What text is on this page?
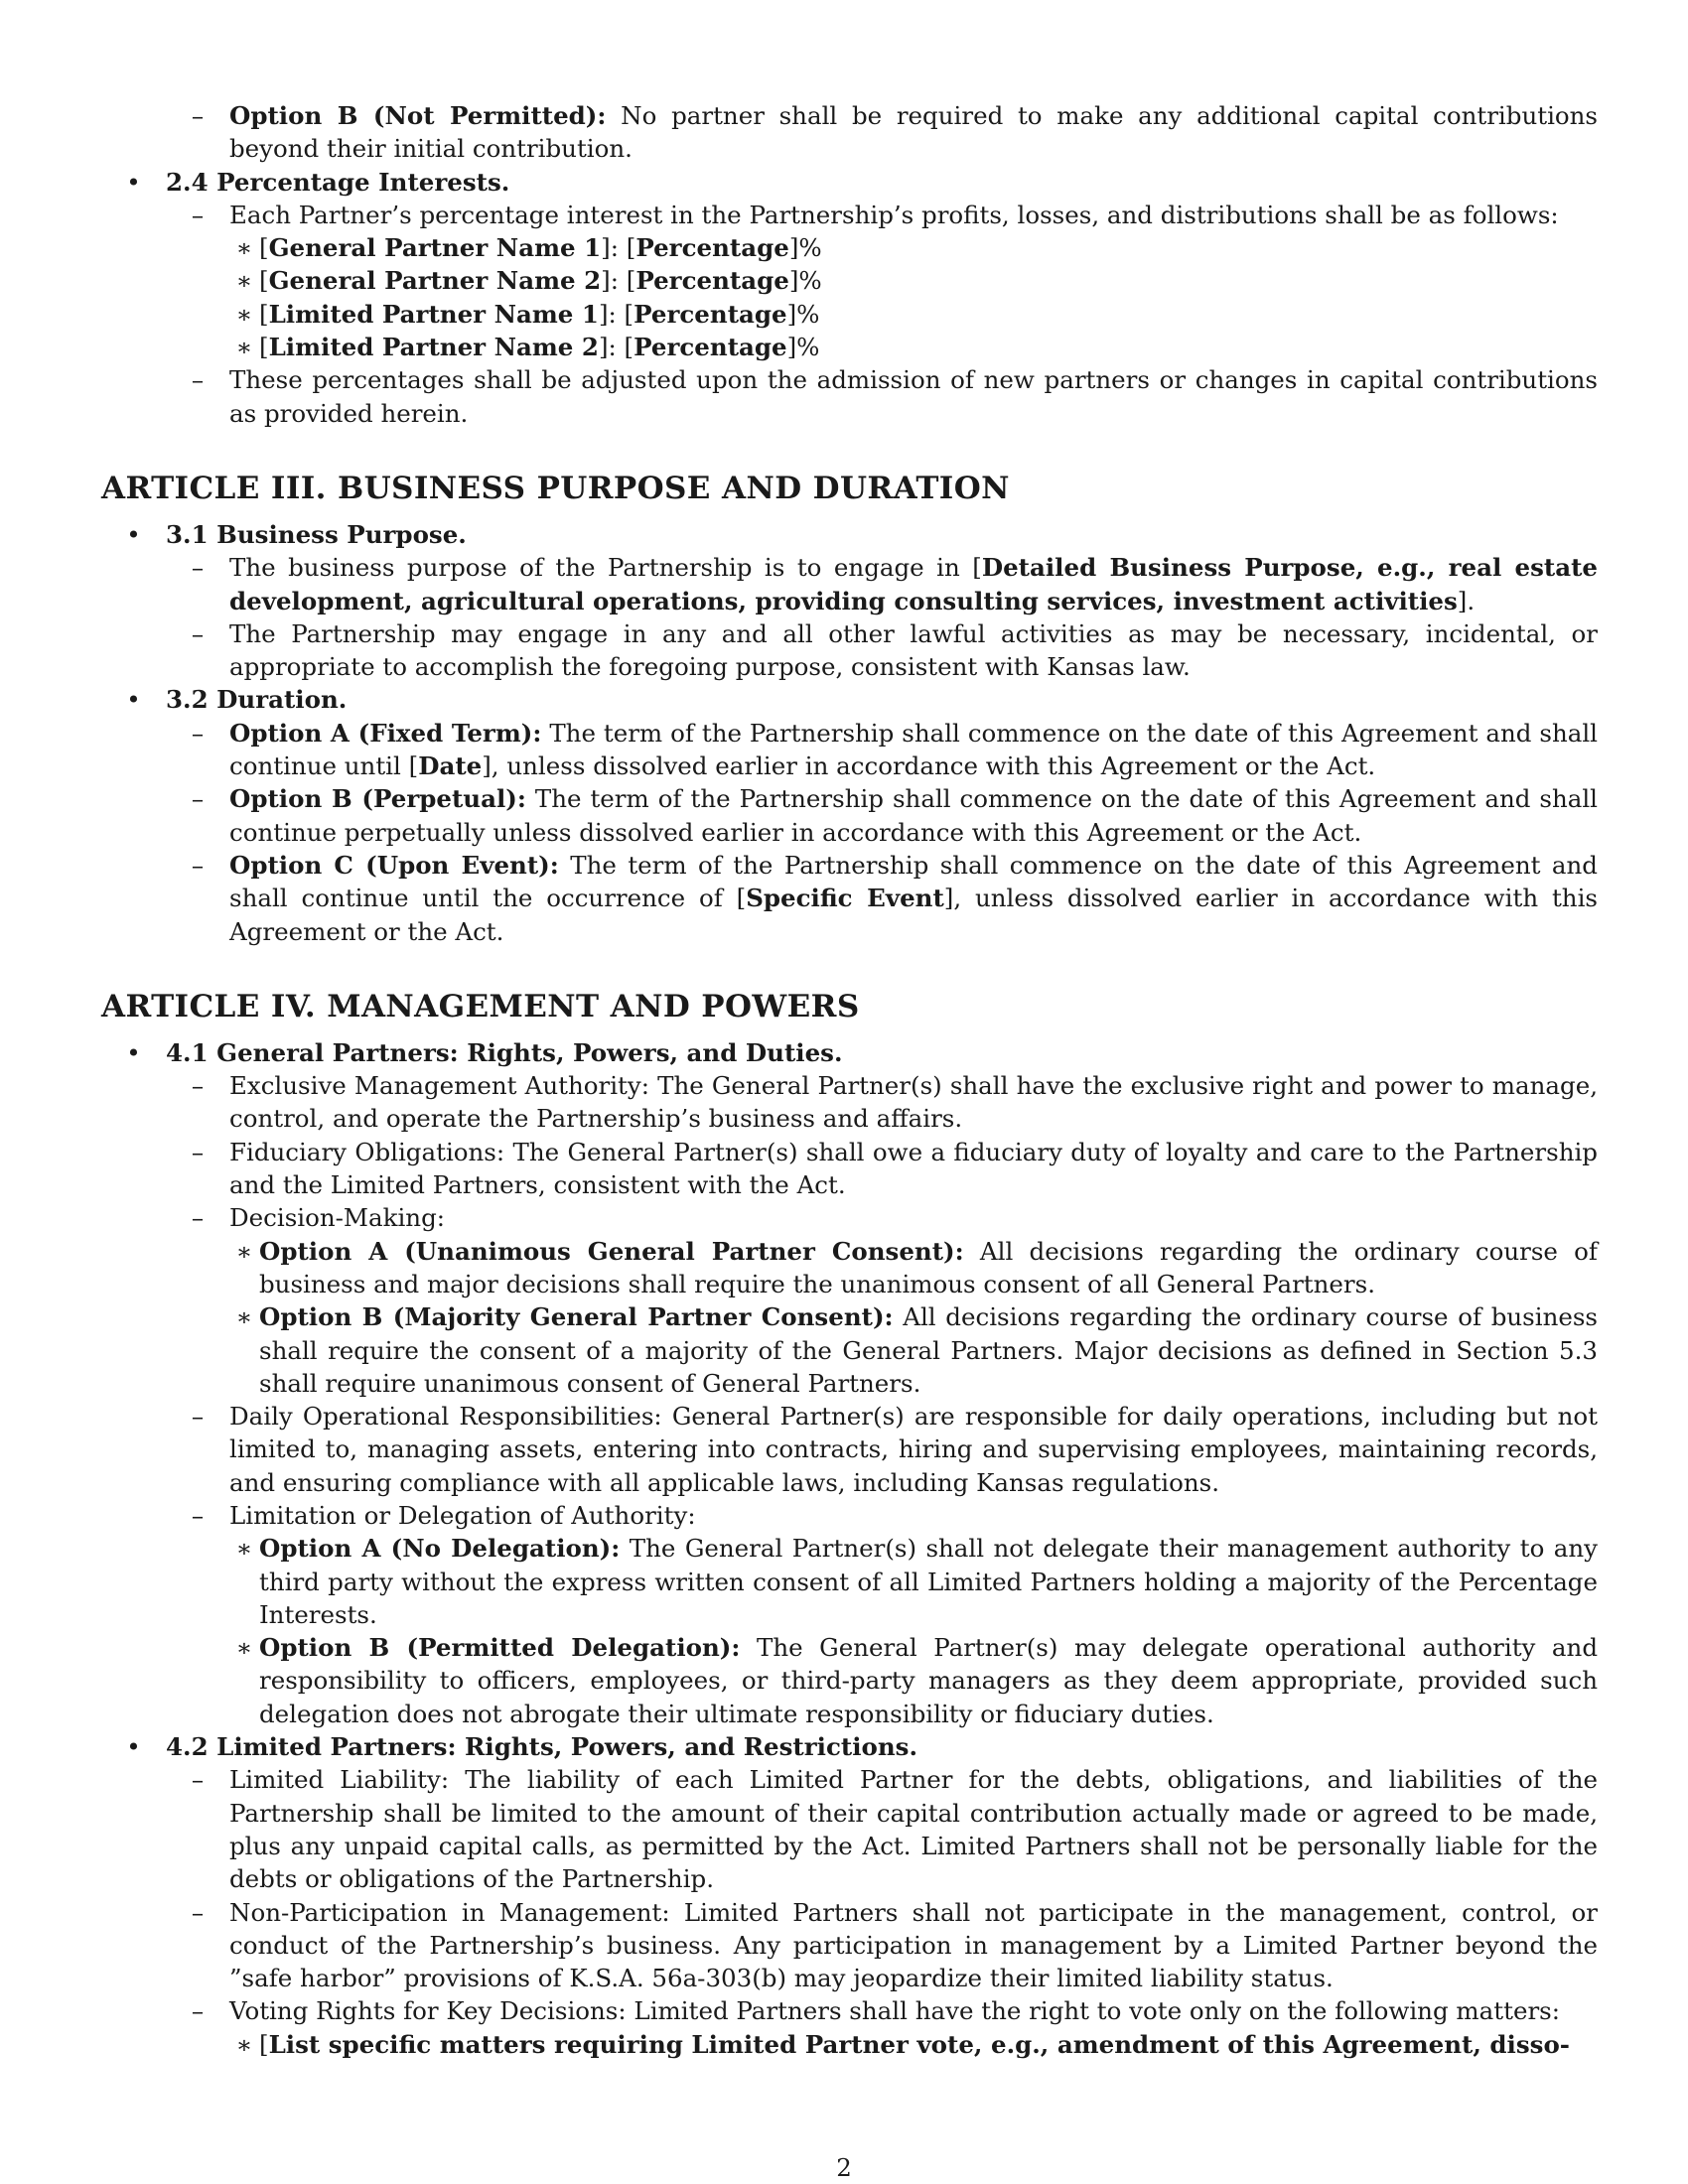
–	Option B (Not Permitted): No partner shall be required to make any additional capital contributions beyond their initial contribution.
•	2.4 Percentage Interests.
–	Each Partner’s percentage interest in the Partnership’s profits, losses, and distributions shall be as follows:
∗ [General Partner Name 1]: [Percentage]%
∗ [General Partner Name 2]: [Percentage]%
∗ [Limited Partner Name 1]: [Percentage]%
∗ [Limited Partner Name 2]: [Percentage]%
–	These percentages shall be adjusted upon the admission of new partners or changes in capital contributions as provided herein.
ARTICLE III. BUSINESS PURPOSE AND DURATION
•	3.1 Business Purpose.
–	The business purpose of the Partnership is to engage in [Detailed Business Purpose, e.g., real estate development, agricultural operations, providing consulting services, investment activities].
–	The Partnership may engage in any and all other lawful activities as may be necessary, incidental, or appropriate to accomplish the foregoing purpose, consistent with Kansas law.
•	3.2 Duration.
–	Option A (Fixed Term): The term of the Partnership shall commence on the date of this Agreement and shall continue until [Date], unless dissolved earlier in accordance with this Agreement or the Act.
–	Option B (Perpetual): The term of the Partnership shall commence on the date of this Agreement and shall continue perpetually unless dissolved earlier in accordance with this Agreement or the Act.
–	Option C (Upon Event): The term of the Partnership shall commence on the date of this Agreement and shall continue until the occurrence of [Specific Event], unless dissolved earlier in accordance with this Agreement or the Act.
ARTICLE IV. MANAGEMENT AND POWERS
•	4.1 General Partners: Rights, Powers, and Duties.
–	Exclusive Management Authority: The General Partner(s) shall have the exclusive right and power to manage, control, and operate the Partnership’s business and affairs.
–	Fiduciary Obligations: The General Partner(s) shall owe a fiduciary duty of loyalty and care to the Partnership and the Limited Partners, consistent with the Act.
–	Decision-Making:
∗ Option A (Unanimous General Partner Consent): All decisions regarding the ordinary course of business and major decisions shall require the unanimous consent of all General Partners.
∗ Option B (Majority General Partner Consent): All decisions regarding the ordinary course of business shall require the consent of a majority of the General Partners. Major decisions as defined in Section 5.3 shall require unanimous consent of General Partners.
–	Daily Operational Responsibilities: General Partner(s) are responsible for daily operations, including but not limited to, managing assets, entering into contracts, hiring and supervising employees, maintaining records, and ensuring compliance with all applicable laws, including Kansas regulations.
–	Limitation or Delegation of Authority:
∗ Option A (No Delegation): The General Partner(s) shall not delegate their management authority to any third party without the express written consent of all Limited Partners holding a majority of the Percentage Interests.
∗ Option B (Permitted Delegation): The General Partner(s) may delegate operational authority and responsibility to officers, employees, or third-party managers as they deem appropriate, provided such delegation does not abrogate their ultimate responsibility or fiduciary duties.
•	4.2 Limited Partners: Rights, Powers, and Restrictions.
–	Limited Liability: The liability of each Limited Partner for the debts, obligations, and liabilities of the Partnership shall be limited to the amount of their capital contribution actually made or agreed to be made, plus any unpaid capital calls, as permitted by the Act. Limited Partners shall not be personally liable for the debts or obligations of the Partnership.
–	Non-Participation in Management: Limited Partners shall not participate in the management, control, or conduct of the Partnership’s business. Any participation in management by a Limited Partner beyond the ”safe harbor” provisions of K.S.A. 56a-303(b) may jeopardize their limited liability status.
–	Voting Rights for Key Decisions: Limited Partners shall have the right to vote only on the following matters:
∗ [List specific matters requiring Limited Partner vote, e.g., amendment of this Agreement, disso-
2
